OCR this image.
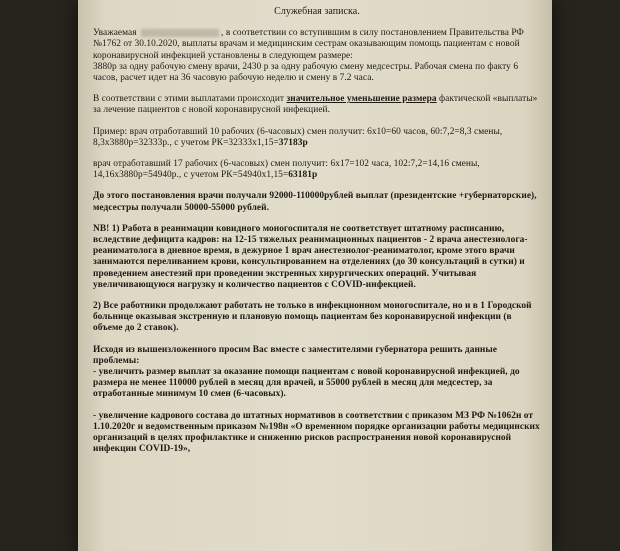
Служебная записка.

Уважаемая	, в соответствии со вступившим в силу постановлением Правительства РФ №1762 от 30.10.2020, выплаты врачам и медицинским сестрам оказывающим помощь пациентам с новой коронавирусной инфекцией установлены в следующем размере:

3880р за одну рабочую смену врачи, 2430 р за одну рабочую смену медсестры. Рабочая смена по факту 6 часов, расчет идет на 36 часовую рабочую неделю и смену в 7.2 часа.

В соответствии с этими выплатами происходит значительное уменьшение размера фактической «выплаты» за лечение пациентов с новой коронавирусной инфекцией.

Пример: врач отработавший 10 рабочих (6-часовых) смен получит: 6х10=60 часов, 60:7,2=8,3 смены, 8,3х3880р=32333р., с учетом РК=32333х1,15=37183р

врач отработавший 17 рабочих (6-часовых) смен получит: 6х17=102 часа, 102:7,2=14,16 смены, 14,16х3880р=54940р., с учетом РК=54940х1,15=63181р

До этого постановления врачи получали 92000-110000рублей выплат (президентские +губернаторские), медсестры получали 50000-55000 рублей.

NB! 1) Работа в реанимации ковидного моногоспиталя не соответствует штатному расписанию, вследствие дефицита кадров: на 12-15 тяжелых реанимационных пациентов - 2 врача анестезиолога-реаниматолога в дневное время, в дежурное 1 врач анестезиолог-реаниматолог, кроме этого врачи занимаются переливанием крови, консультированием на отделениях (до 30 консультаций в сутки) и проведением анестезий при проведении экстренных хирургических операций. Учитывая увеличивающуюся нагрузку и количество пациентов с COVID-инфекцией.

2) Все работники продолжают работать не только в инфекционном моногоспитале, но и в 1 Городской больнице оказывая экстренную и плановую помощь пациентам без коронавирусной инфекции (в объеме до 2 ставок).

Исходя из вышеизложенного просим Вас вместе с заместителями губернатора решить данные проблемы:

- увеличить размер выплат за оказание помощи пациентам с новой коронавирусной инфекцией, до размера не менее 110000 рублей в месяц для врачей, и 55000 рублей в месяц для медсестер, за отработанные минимум 10 смен (6-часовых).

- увеличение кадрового состава до штатных нормативов в соответствии с приказом МЗ РФ №1062н от 1.10.2020г и ведомственным приказом №198н «О временном порядке организации работы медицинских организаций в целях профилактике и снижению рисков распространения новой коронавирусной инфекции COVID-19»,
